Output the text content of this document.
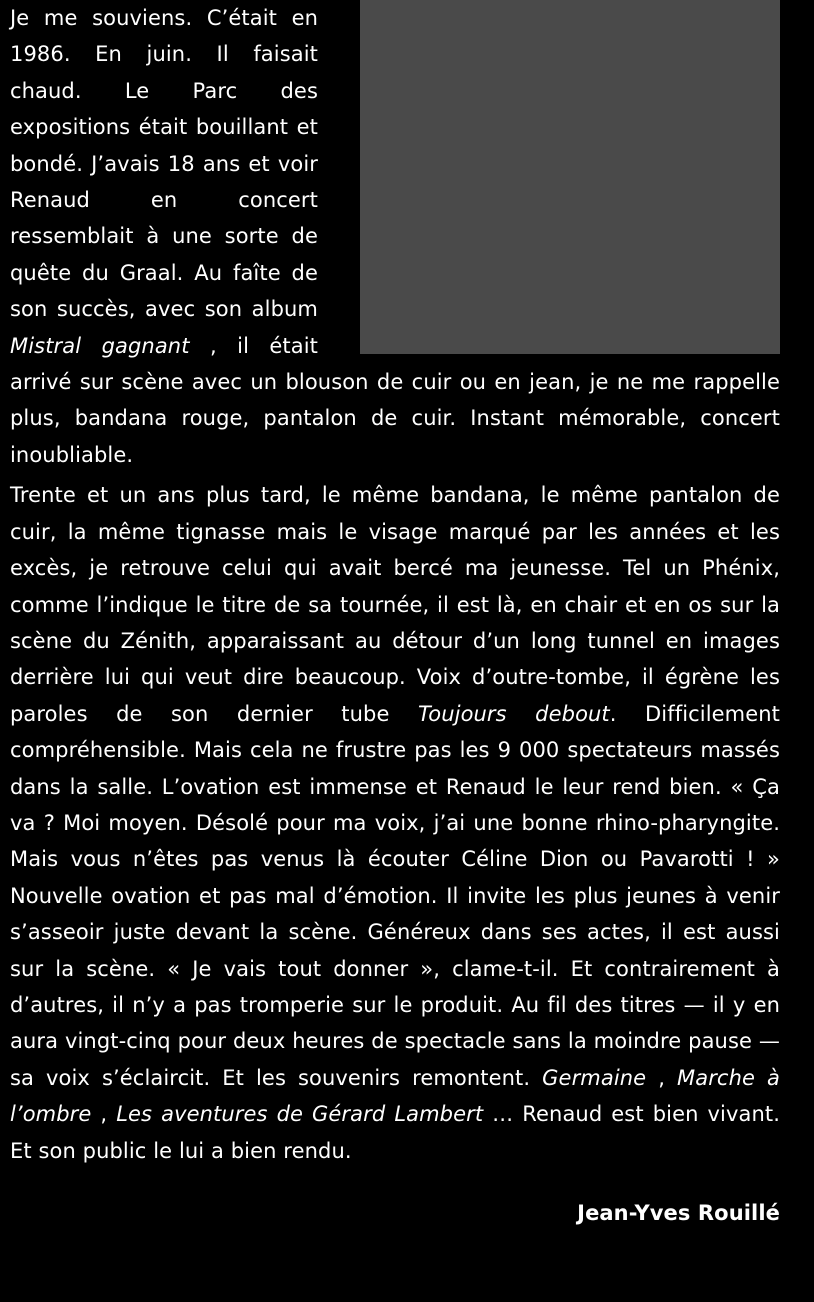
Je me souviens. C’était en 1986. En juin. Il faisait chaud. Le Parc des expositions était bouillant et bondé. J’avais 18 ans et voir Renaud en concert ressemblait à une sorte de quête du Graal. Au faîte de son succès, avec son album Mistral gagnant , il était arrivé sur scène avec un blouson de cuir ou en jean, je ne me rappelle plus, bandana rouge, pantalon de cuir. Instant mémorable, concert inoubliable.

Trente et un ans plus tard, le même bandana, le même pantalon de cuir, la même tignasse mais le visage marqué par les années et les excès, je retrouve celui qui avait bercé ma jeunesse. Tel un Phénix, comme l’indique le titre de sa tournée, il est là, en chair et en os sur la scène du Zénith, apparaissant au détour d’un long tunnel en images derrière lui qui veut dire beaucoup. Voix d’outre-tombe, il égrène les paroles de son dernier tube Toujours debout. Difficilement compréhensible. Mais cela ne frustre pas les 9 000 spectateurs massés dans la salle. L’ovation est immense et Renaud le leur rend bien. « Ça va ? Moi moyen. Désolé pour ma voix, j’ai une bonne rhino-pharyngite. Mais vous n’êtes pas venus là écouter Céline Dion ou Pavarotti ! » Nouvelle ovation et pas mal d’émotion. Il invite les plus jeunes à venir s’asseoir juste devant la scène. Généreux dans ses actes, il est aussi sur la scène. « Je vais tout donner », clame-t-il. Et contrairement à d’autres, il n’y a pas tromperie sur le produit. Au fil des titres — il y en aura vingt-cinq pour deux heures de spectacle sans la moindre pause — sa voix s’éclaircit. Et les souvenirs remontent. Germaine , Marche à l’ombre , Les aventures de Gérard Lambert … Renaud est bien vivant. Et son public le lui a bien rendu.

Jean-Yves Rouillé
